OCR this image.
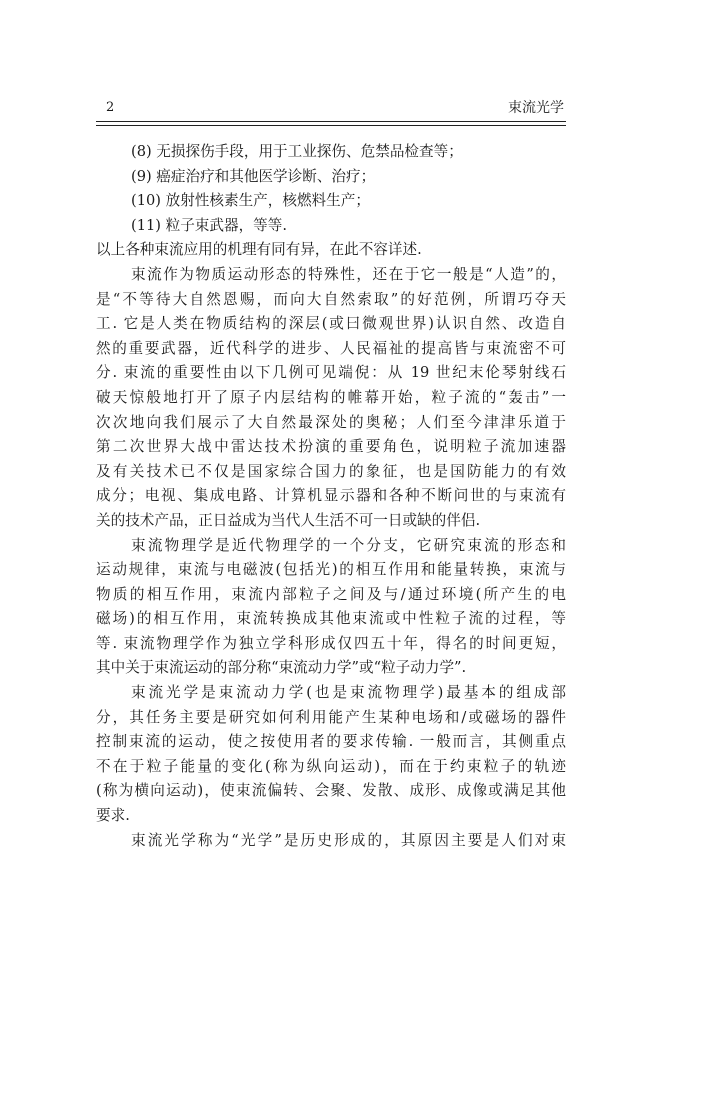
2	束流光学
(8) 无损探伤手段，用于工业探伤、危禁品检查等；
(9) 癌症治疗和其他医学诊断、治疗；
(10) 放射性核素生产，核燃料生产；
(11) 粒子束武器，等等.
以上各种束流应用的机理有同有异，在此不容详述.
束流作为物质运动形态的特殊性，还在于它一般是“人造”的，
是“不等待大自然恩赐，而向大自然索取”的好范例，所谓巧夺天
工. 它是人类在物质结构的深层(或曰微观世界)认识自然、改造自
然的重要武器，近代科学的进步、人民福祉的提高皆与束流密不可
分. 束流的重要性由以下几例可见端倪：从 19 世纪末伦琴射线石
破天惊般地打开了原子内层结构的帷幕开始，粒子流的“轰击”一
次次地向我们展示了大自然最深处的奥秘；人们至今津津乐道于
第二次世界大战中雷达技术扮演的重要角色，说明粒子流加速器
及有关技术已不仅是国家综合国力的象征，也是国防能力的有效
成分；电视、集成电路、计算机显示器和各种不断问世的与束流有
关的技术产品，正日益成为当代人生活不可一日或缺的伴侣.
束流物理学是近代物理学的一个分支，它研究束流的形态和
运动规律，束流与电磁波(包括光)的相互作用和能量转换，束流与
物质的相互作用，束流内部粒子之间及与/通过环境(所产生的电
磁场)的相互作用，束流转换成其他束流或中性粒子流的过程，等
等. 束流物理学作为独立学科形成仅四五十年，得名的时间更短，
其中关于束流运动的部分称“束流动力学”或“粒子动力学”.
束流光学是束流动力学(也是束流物理学)最基本的组成部
分，其任务主要是研究如何利用能产生某种电场和/或磁场的器件
控制束流的运动，使之按使用者的要求传输. 一般而言，其侧重点
不在于粒子能量的变化(称为纵向运动)，而在于约束粒子的轨迹
(称为横向运动)，使束流偏转、会聚、发散、成形、成像或满足其他
要求.
束流光学称为“光学”是历史形成的，其原因主要是人们对束
